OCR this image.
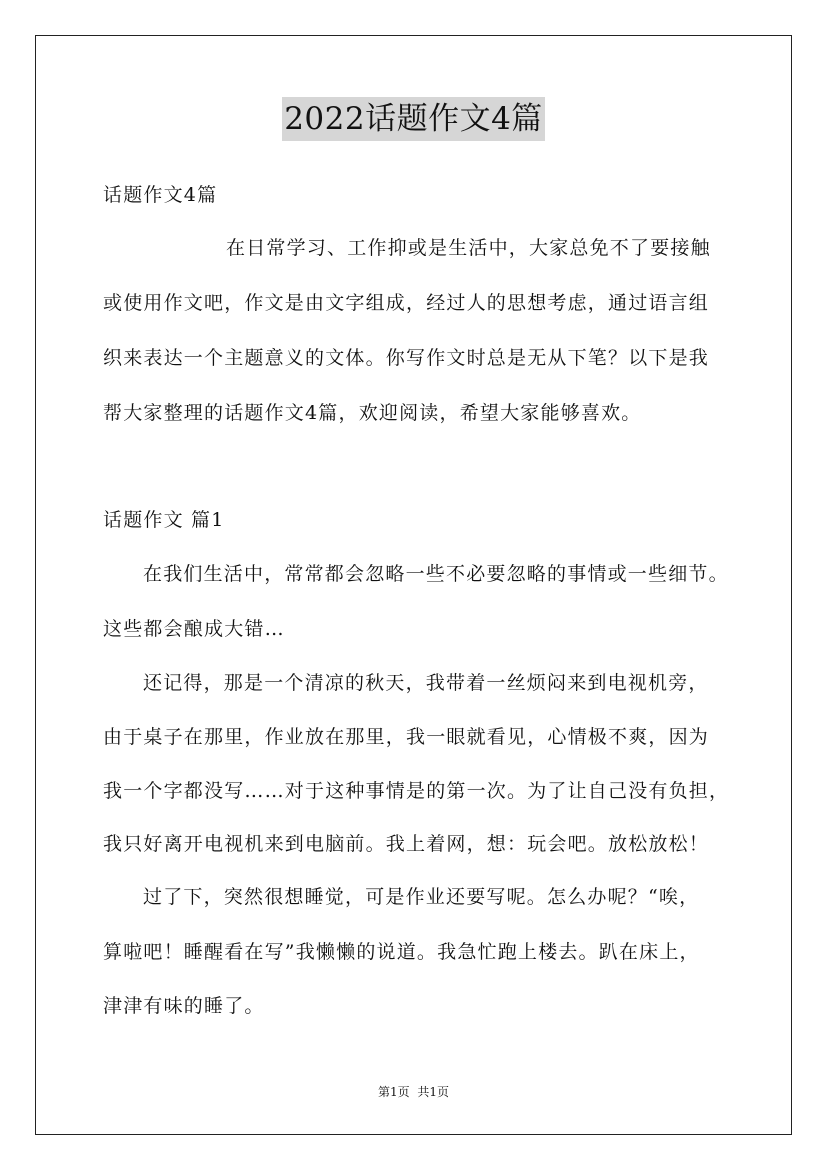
2022话题作文4篇
话题作文4篇
在日常学习、工作抑或是生活中，大家总免不了要接触
或使用作文吧，作文是由文字组成，经过人的思想考虑，通过语言组
织来表达一个主题意义的文体。你写作文时总是无从下笔？以下是我
帮大家整理的话题作文4篇，欢迎阅读，希望大家能够喜欢。
话题作文 篇1
在我们生活中，常常都会忽略一些不必要忽略的事情或一些细节。
这些都会酿成大错…
还记得，那是一个清凉的秋天，我带着一丝烦闷来到电视机旁，
由于桌子在那里，作业放在那里，我一眼就看见，心情极不爽，因为
我一个字都没写……对于这种事情是的第一次。为了让自己没有负担，
我只好离开电视机来到电脑前。我上着网，想：玩会吧。放松放松！
过了下，突然很想睡觉，可是作业还要写呢。怎么办呢？“唉，
算啦吧！睡醒看在写”我懒懒的说道。我急忙跑上楼去。趴在床上，
津津有味的睡了。
第1页 共1页
